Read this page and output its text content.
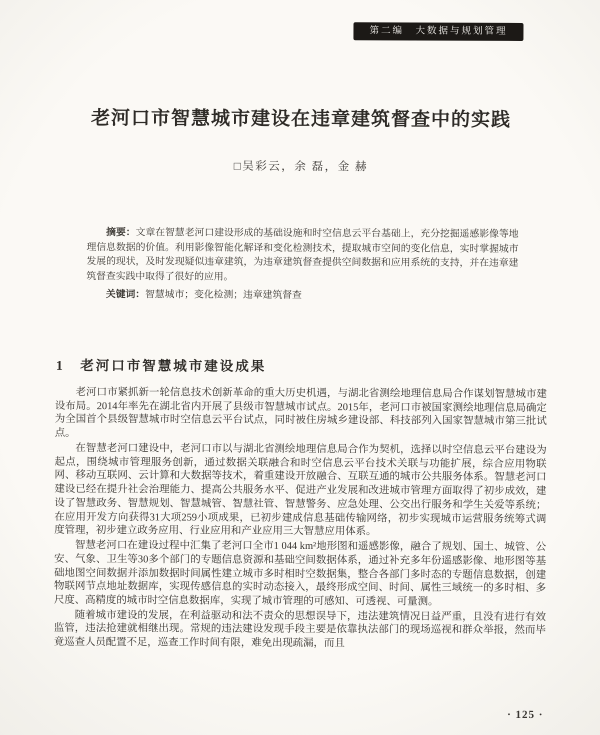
第二编　大数据与规划管理
老河口市智慧城市建设在违章建筑督查中的实践
□吴彩云，余 磊，金 赫

摘要：文章在智慧老河口建设形成的基础设施和时空信息云平台基础上，充分挖掘遥感影像等地理信息数据的价值。利用影像智能化解译和变化检测技术，提取城市空间的变化信息，实时掌握城市发展的现状，及时发现疑似违章建筑，为违章建筑督查提供空间数据和应用系统的支持，并在违章建筑督查实践中取得了很好的应用。

关键词：智慧城市；变化检测；违章建筑督查

1　老河口市智慧城市建设成果

老河口市紧抓新一轮信息技术创新革命的重大历史机遇，与湖北省测绘地理信息局合作谋划智慧城市建设布局。2014年率先在湖北省内开展了县级市智慧城市试点。2015年，老河口市被国家测绘地理信息局确定为全国首个县级智慧城市时空信息云平台试点，同时被住房城乡建设部、科技部列入国家智慧城市第三批试点。

在智慧老河口建设中，老河口市以与湖北省测绘地理信息局合作为契机，选择以时空信息云平台建设为起点，围绕城市管理服务创新，通过数据关联融合和时空信息云平台技术关联与功能扩展，综合应用物联网、移动互联网、云计算和大数据等技术，着重建设开放融合、互联互通的城市公共服务体系。智慧老河口建设已经在提升社会治理能力、提高公共服务水平、促进产业发展和改进城市管理方面取得了初步成效，建设了智慧政务、智慧规划、智慧城管、智慧社管、智慧警务、应急处理、公交出行服务和学生关爱等系统；在应用开发方向获得31大项259小项成果，已初步建成信息基础传输网络，初步实现城市运营服务统筹式调度管理，初步建立政务应用、行业应用和产业应用三大智慧应用体系。

智慧老河口在建设过程中汇集了老河口全市1 044 km²地形图和遥感影像，融合了规划、国土、城管、公安、气象、卫生等30多个部门的专题信息资源和基础空间数据体系，通过补充多年份遥感影像、地形图等基础地图空间数据并添加数据时间属性建立城市多时相时空数据集，整合各部门多时态的专题信息数据，创建物联网节点地址数据库，实现传感信息的实时动态接入，最终形成空间、时间、属性三域统一的多时相、多尺度、高精度的城市时空信息数据库，实现了城市管理的可感知、可透视、可量测。

随着城市建设的发展，在利益驱动和法不责众的思想误导下，违法建筑情况日益严重，且没有进行有效监管，违法抢建就相继出现。常规的违法建设发现手段主要是依靠执法部门的现场巡视和群众举报，然而毕竟巡查人员配置不足，巡查工作时间有限，难免出现疏漏，而且

· 125 ·
